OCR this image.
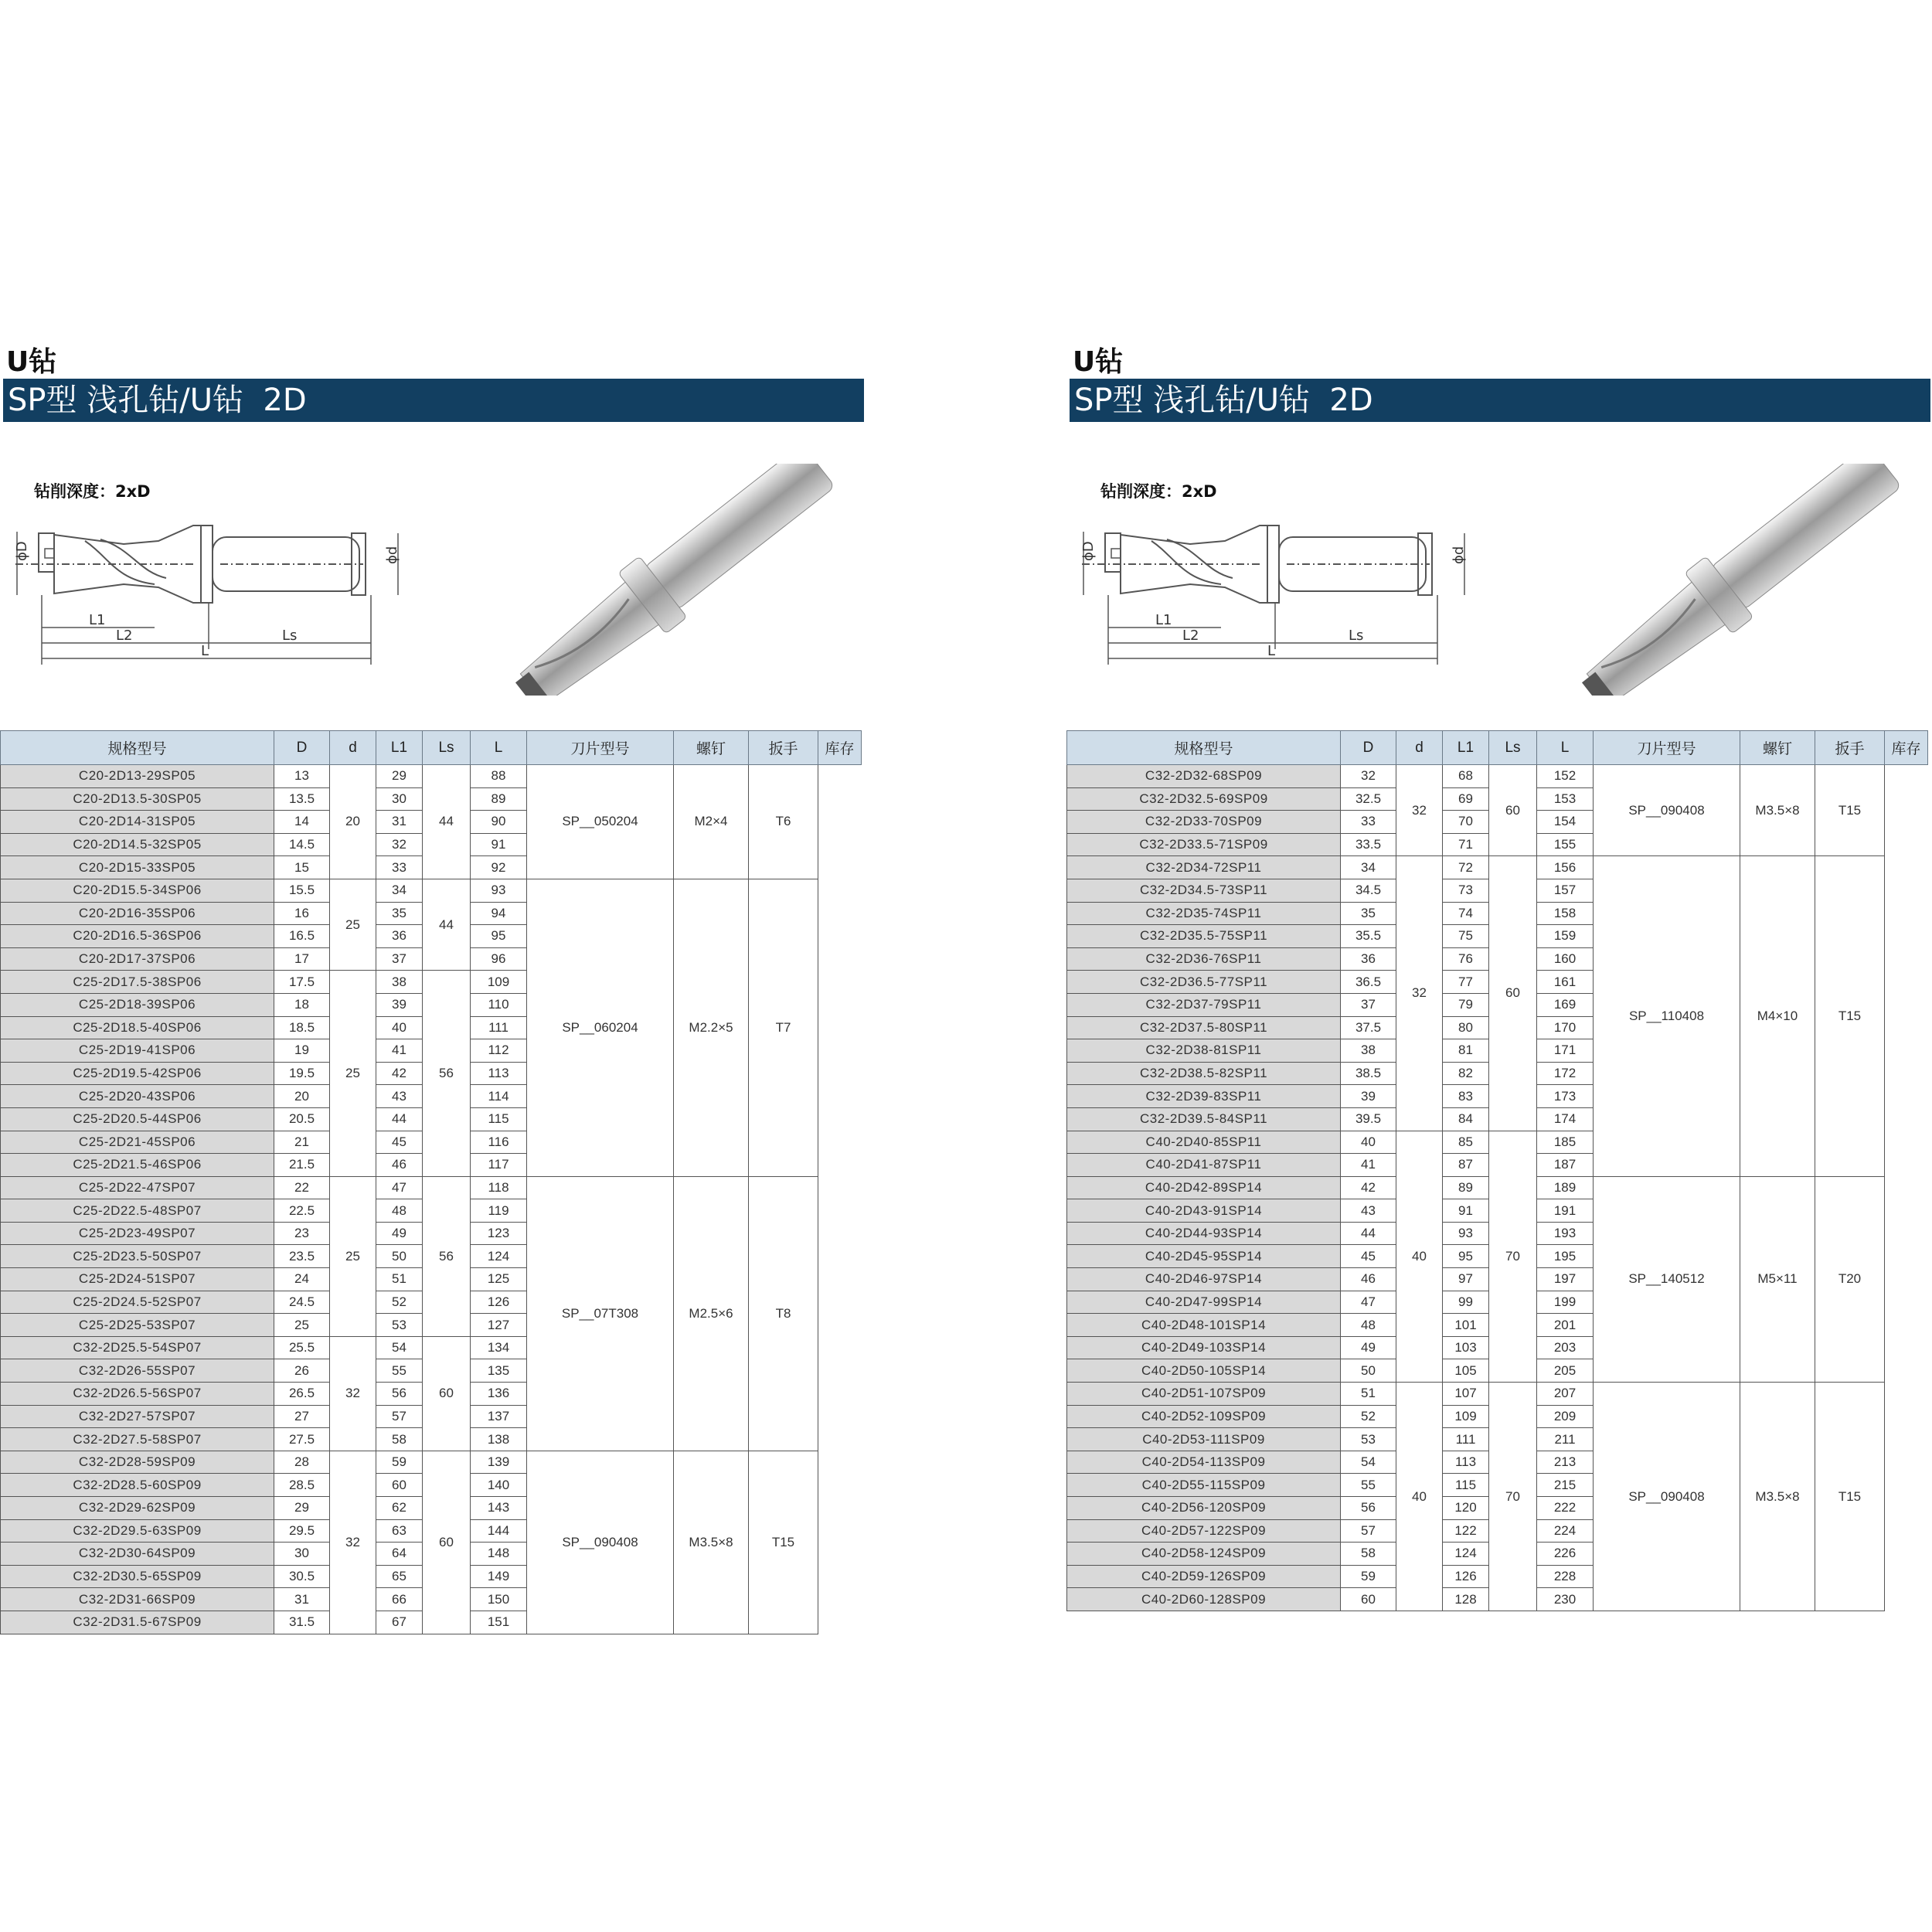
U钻
SP型 浅孔钻/U钻  2D
钻削深度：2xD
ϕD	ϕd
L1
L2	Ls
L
规格型号	D	d	L1	Ls	L	刀片型号	螺钉	扳手	库存
C20-2D13-29SP05	13	20	29	44	88	SP__050204	M2×4	T6	
C20-2D13.5-30SP05	13.5		30		89				
C20-2D14-31SP05	14		31		90				
C20-2D14.5-32SP05	14.5		32		91				
C20-2D15-33SP05	15		33		92				
C20-2D15.5-34SP06	15.5	25	34	44	93	SP__060204	M2.2×5	T7	
C20-2D16-35SP06	16		35		94				
C20-2D16.5-36SP06	16.5		36		95				
C20-2D17-37SP06	17		37		96				
C25-2D17.5-38SP06	17.5	25	38	56	109				
C25-2D18-39SP06	18		39		110				
C25-2D18.5-40SP06	18.5		40		111				
C25-2D19-41SP06	19		41		112				
C25-2D19.5-42SP06	19.5		42		113				
C25-2D20-43SP06	20		43		114				
C25-2D20.5-44SP06	20.5		44		115				
C25-2D21-45SP06	21		45		116				
C25-2D21.5-46SP06	21.5		46		117				
C25-2D22-47SP07	22	25	47	56	118	SP__07T308	M2.5×6	T8	
C25-2D22.5-48SP07	22.5		48		119				
C25-2D23-49SP07	23		49		123				
C25-2D23.5-50SP07	23.5		50		124				
C25-2D24-51SP07	24		51		125				
C25-2D24.5-52SP07	24.5		52		126				
C25-2D25-53SP07	25		53		127				
C32-2D25.5-54SP07	25.5	32	54	60	134				
C32-2D26-55SP07	26		55		135				
C32-2D26.5-56SP07	26.5		56		136				
C32-2D27-57SP07	27		57		137				
C32-2D27.5-58SP07	27.5		58		138				
C32-2D28-59SP09	28	32	59	60	139	SP__090408	M3.5×8	T15	
C32-2D28.5-60SP09	28.5		60		140				
C32-2D29-62SP09	29		62		143				
C32-2D29.5-63SP09	29.5		63		144				
C32-2D30-64SP09	30		64		148				
C32-2D30.5-65SP09	30.5		65		149				
C32-2D31-66SP09	31		66		150				
C32-2D31.5-67SP09	31.5		67		151				
U钻
SP型 浅孔钻/U钻  2D
钻削深度：2xD
ϕD	ϕd
L1
L2	Ls
L
规格型号	D	d	L1	Ls	L	刀片型号	螺钉	扳手	库存
C32-2D32-68SP09	32	32	68	60	152	SP__090408	M3.5×8	T15	
C32-2D32.5-69SP09	32.5		69		153				
C32-2D33-70SP09	33		70		154				
C32-2D33.5-71SP09	33.5		71		155				
C32-2D34-72SP11	34	32	72	60	156	SP__110408	M4×10	T15	
C32-2D34.5-73SP11	34.5		73		157				
C32-2D35-74SP11	35		74		158				
C32-2D35.5-75SP11	35.5		75		159				
C32-2D36-76SP11	36		76		160				
C32-2D36.5-77SP11	36.5		77		161				
C32-2D37-79SP11	37		79		169				
C32-2D37.5-80SP11	37.5		80		170				
C32-2D38-81SP11	38		81		171				
C32-2D38.5-82SP11	38.5		82		172				
C32-2D39-83SP11	39		83		173				
C32-2D39.5-84SP11	39.5		84		174				
C40-2D40-85SP11	40	40	85	70	185				
C40-2D41-87SP11	41		87		187				
C40-2D42-89SP14	42		89		189	SP__140512	M5×11	T20	
C40-2D43-91SP14	43		91		191				
C40-2D44-93SP14	44		93		193				
C40-2D45-95SP14	45		95		195				
C40-2D46-97SP14	46		97		197				
C40-2D47-99SP14	47		99		199				
C40-2D48-101SP14	48		101		201				
C40-2D49-103SP14	49		103		203				
C40-2D50-105SP14	50		105		205				
C40-2D51-107SP09	51	40	107	70	207	SP__090408	M3.5×8	T15	
C40-2D52-109SP09	52		109		209				
C40-2D53-111SP09	53		111		211				
C40-2D54-113SP09	54		113		213				
C40-2D55-115SP09	55		115		215				
C40-2D56-120SP09	56		120		222				
C40-2D57-122SP09	57		122		224				
C40-2D58-124SP09	58		124		226				
C40-2D59-126SP09	59		126		228				
C40-2D60-128SP09	60		128		230				
